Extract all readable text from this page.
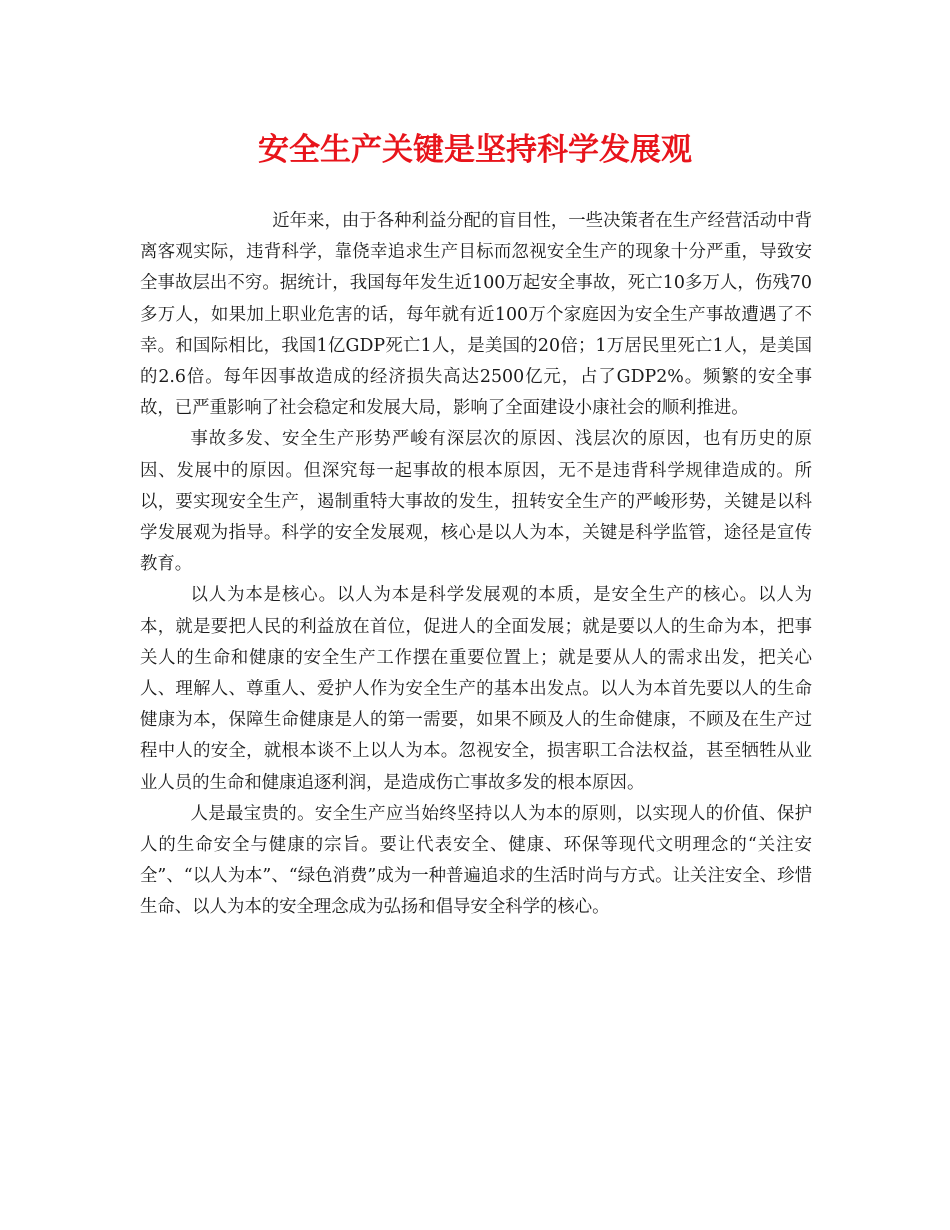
安全生产关键是坚持科学发展观

近年来，由于各种利益分配的盲目性，一些决策者在生产经营活动中背离客观实际，违背科学，靠侥幸追求生产目标而忽视安全生产的现象十分严重，导致安全事故层出不穷。据统计，我国每年发生近100万起安全事故，死亡10多万人，伤残70多万人，如果加上职业危害的话，每年就有近100万个家庭因为安全生产事故遭遇了不幸。和国际相比，我国1亿GDP死亡1人，是美国的20倍；1万居民里死亡1人，是美国的2.6倍。每年因事故造成的经济损失高达2500亿元，占了GDP2%。频繁的安全事故，已严重影响了社会稳定和发展大局，影响了全面建设小康社会的顺利推进。

事故多发、安全生产形势严峻有深层次的原因、浅层次的原因，也有历史的原因、发展中的原因。但深究每一起事故的根本原因，无不是违背科学规律造成的。所以，要实现安全生产，遏制重特大事故的发生，扭转安全生产的严峻形势，关键是以科学发展观为指导。科学的安全发展观，核心是以人为本，关键是科学监管，途径是宣传教育。

以人为本是核心。以人为本是科学发展观的本质，是安全生产的核心。以人为本，就是要把人民的利益放在首位，促进人的全面发展；就是要以人的生命为本，把事关人的生命和健康的安全生产工作摆在重要位置上；就是要从人的需求出发，把关心人、理解人、尊重人、爱护人作为安全生产的基本出发点。以人为本首先要以人的生命健康为本，保障生命健康是人的第一需要，如果不顾及人的生命健康，不顾及在生产过程中人的安全，就根本谈不上以人为本。忽视安全，损害职工合法权益，甚至牺牲从业业人员的生命和健康追逐利润，是造成伤亡事故多发的根本原因。

人是最宝贵的。安全生产应当始终坚持以人为本的原则，以实现人的价值、保护人的生命安全与健康的宗旨。要让代表安全、健康、环保等现代文明理念的“关注安全”、“以人为本”、“绿色消费”成为一种普遍追求的生活时尚与方式。让关注安全、珍惜生命、以人为本的安全理念成为弘扬和倡导安全科学的核心。
